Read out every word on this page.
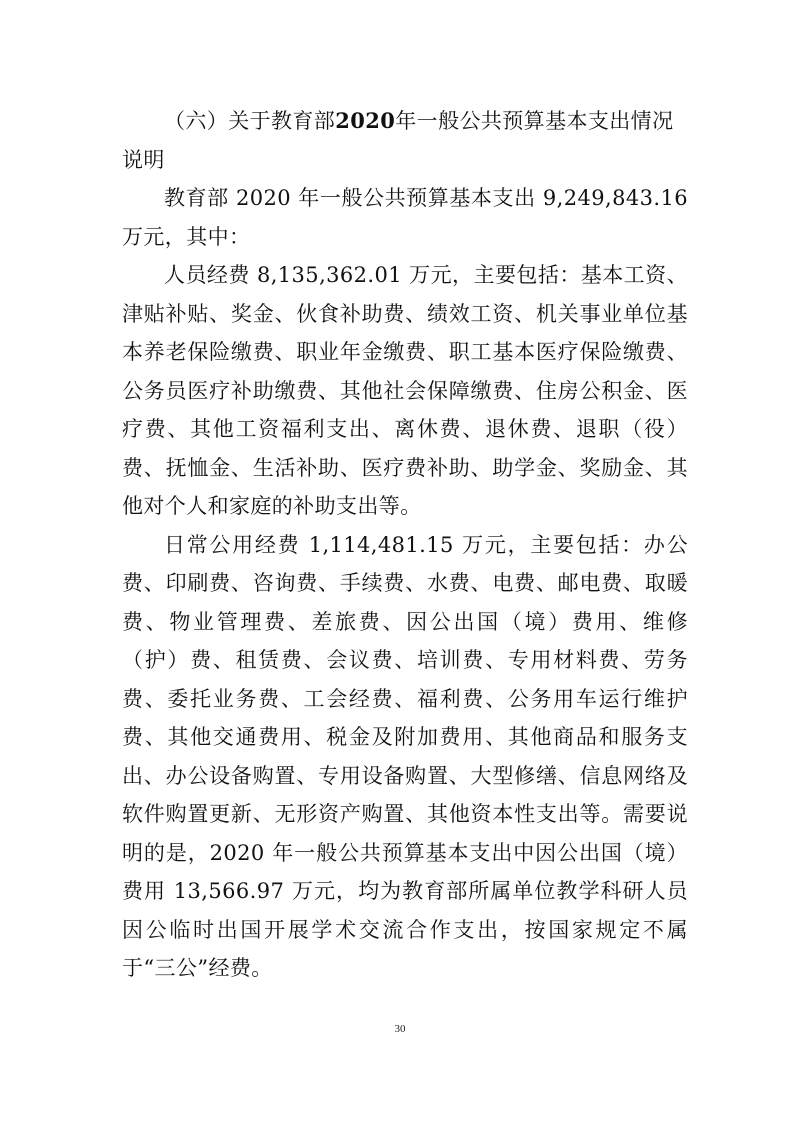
（六）关于教育部2020年一般公共预算基本支出情况说明

教育部 2020 年一般公共预算基本支出 9,249,843.16 万元，其中：

人员经费 8,135,362.01 万元，主要包括：基本工资、津贴补贴、奖金、伙食补助费、绩效工资、机关事业单位基本养老保险缴费、职业年金缴费、职工基本医疗保险缴费、公务员医疗补助缴费、其他社会保障缴费、住房公积金、医疗费、其他工资福利支出、离休费、退休费、退职（役）费、抚恤金、生活补助、医疗费补助、助学金、奖励金、其他对个人和家庭的补助支出等。

日常公用经费 1,114,481.15 万元，主要包括：办公费、印刷费、咨询费、手续费、水费、电费、邮电费、取暖费、物业管理费、差旅费、因公出国（境）费用、维修（护）费、租赁费、会议费、培训费、专用材料费、劳务费、委托业务费、工会经费、福利费、公务用车运行维护费、其他交通费用、税金及附加费用、其他商品和服务支出、办公设备购置、专用设备购置、大型修缮、信息网络及软件购置更新、无形资产购置、其他资本性支出等。需要说明的是，2020 年一般公共预算基本支出中因公出国（境）费用 13,566.97 万元，均为教育部所属单位教学科研人员因公临时出国开展学术交流合作支出，按国家规定不属于“三公”经费。

30
